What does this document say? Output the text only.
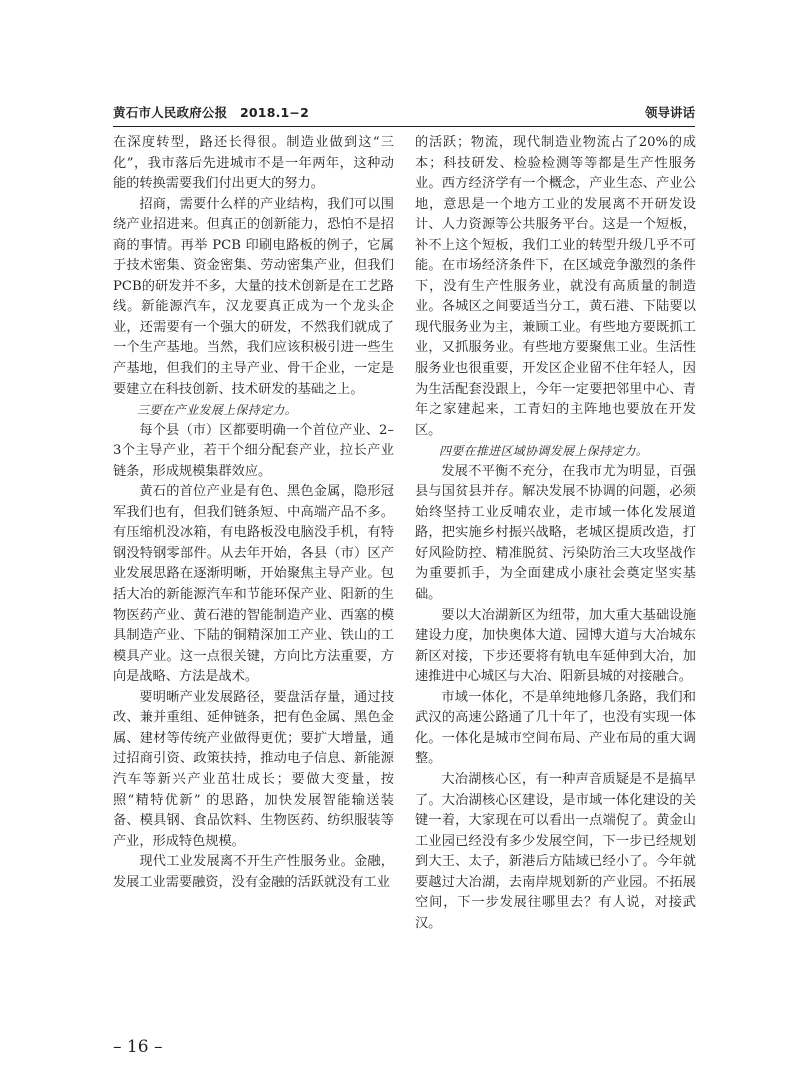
黄石市人民政府公报　2018.1−2	领导讲话

在深度转型，路还长得很。制造业做到这“三化”，我市落后先进城市不是一年两年，这种动能的转换需要我们付出更大的努力。

招商，需要什么样的产业结构，我们可以围绕产业招进来。但真正的创新能力，恐怕不是招商的事情。再举 PCB 印刷电路板的例子，它属于技术密集、资金密集、劳动密集产业，但我们PCB的研发并不多，大量的技术创新是在工艺路线。新能源汽车，汉龙要真正成为一个龙头企业，还需要有一个强大的研发，不然我们就成了一个生产基地。当然，我们应该积极引进一些生产基地，但我们的主导产业、骨干企业，一定是要建立在科技创新、技术研发的基础之上。

三要在产业发展上保持定力。

每个县（市）区都要明确一个首位产业、2–3个主导产业，若干个细分配套产业，拉长产业链条，形成规模集群效应。

黄石的首位产业是有色、黑色金属，隐形冠军我们也有，但我们链条短、中高端产品不多。有压缩机没冰箱，有电路板没电脑没手机，有特钢没特钢零部件。从去年开始，各县（市）区产业发展思路在逐渐明晰，开始聚焦主导产业。包括大冶的新能源汽车和节能环保产业、阳新的生物医药产业、黄石港的智能制造产业、西塞的模具制造产业、下陆的铜精深加工产业、铁山的工模具产业。这一点很关键，方向比方法重要，方向是战略、方法是战术。

要明晰产业发展路径，要盘活存量，通过技改、兼并重组、延伸链条，把有色金属、黑色金属、建材等传统产业做得更优；要扩大增量，通过招商引资、政策扶持，推动电子信息、新能源汽车等新兴产业茁壮成长；要做大变量，按照“精特优新” 的思路，加快发展智能输送装备、模具钢、食品饮料、生物医药、纺织服装等产业，形成特色规模。

现代工业发展离不开生产性服务业。金融，发展工业需要融资，没有金融的活跃就没有工业

的活跃；物流，现代制造业物流占了20%的成本；科技研发、检验检测等等都是生产性服务业。西方经济学有一个概念，产业生态、产业公地，意思是一个地方工业的发展离不开研发设计、人力资源等公共服务平台。这是一个短板，补不上这个短板，我们工业的转型升级几乎不可能。在市场经济条件下，在区域竞争激烈的条件下，没有生产性服务业，就没有高质量的制造业。各城区之间要适当分工，黄石港、下陆要以现代服务业为主，兼顾工业。有些地方要既抓工业，又抓服务业。有些地方要聚焦工业。生活性服务业也很重要，开发区企业留不住年轻人，因为生活配套没跟上，今年一定要把邻里中心、青年之家建起来，工青妇的主阵地也要放在开发区。

四要在推进区域协调发展上保持定力。

发展不平衡不充分，在我市尤为明显，百强县与国贫县并存。解决发展不协调的问题，必须始终坚持工业反哺农业，走市域一体化发展道路，把实施乡村振兴战略，老城区提质改造，打好风险防控、精准脱贫、污染防治三大攻坚战作为重要抓手，为全面建成小康社会奠定坚实基础。

要以大冶湖新区为纽带，加大重大基础设施建设力度，加快奥体大道、园博大道与大冶城东新区对接，下步还要将有轨电车延伸到大冶，加速推进中心城区与大冶、阳新县城的对接融合。

市域一体化，不是单纯地修几条路，我们和武汉的高速公路通了几十年了，也没有实现一体化。一体化是城市空间布局、产业布局的重大调整。

大冶湖核心区，有一种声音质疑是不是搞早了。大冶湖核心区建设，是市域一体化建设的关键一着，大家现在可以看出一点端倪了。黄金山工业园已经没有多少发展空间，下一步已经规划到大王、太子，新港后方陆域已经小了。今年就要越过大冶湖，去南岸规划新的产业园。不拓展空间，下一步发展往哪里去？有人说，对接武汉。

– 16 –
